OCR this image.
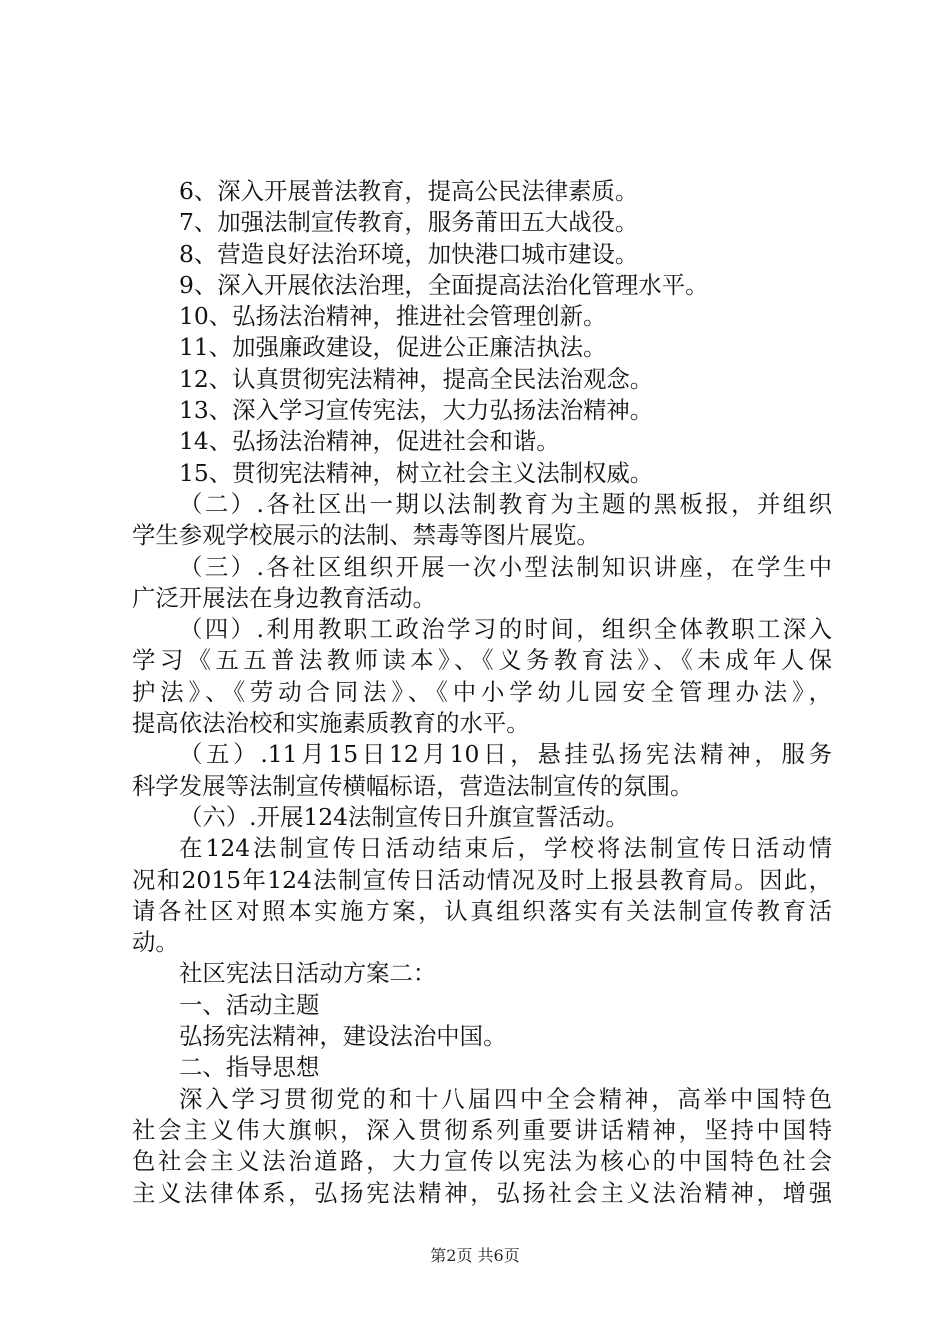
6、深入开展普法教育，提高公民法律素质。
7、加强法制宣传教育，服务莆田五大战役。
8、营造良好法治环境，加快港口城市建设。
9、深入开展依法治理，全面提高法治化管理水平。
10、弘扬法治精神，推进社会管理创新。
11、加强廉政建设，促进公正廉洁执法。
12、认真贯彻宪法精神，提高全民法治观念。
13、深入学习宣传宪法，大力弘扬法治精神。
14、弘扬法治精神，促进社会和谐。
15、贯彻宪法精神，树立社会主义法制权威。
（二）.各社区出一期以法制教育为主题的黑板报，并组织
学生参观学校展示的法制、禁毒等图片展览。
（三）.各社区组织开展一次小型法制知识讲座，在学生中
广泛开展法在身边教育活动。
（四）.利用教职工政治学习的时间，组织全体教职工深入
学习《五五普法教师读本》、《义务教育法》、《未成年人保
护法》、《劳动合同法》、《中小学幼儿园安全管理办法》，
提高依法治校和实施素质教育的水平。
（五）.11月15日12月10日，悬挂弘扬宪法精神，服务
科学发展等法制宣传横幅标语，营造法制宣传的氛围。
（六）.开展124法制宣传日升旗宣誓活动。
在124法制宣传日活动结束后，学校将法制宣传日活动情
况和2015年124法制宣传日活动情况及时上报县教育局。因此，
请各社区对照本实施方案，认真组织落实有关法制宣传教育活
动。
社区宪法日活动方案二：
一、活动主题
弘扬宪法精神，建设法治中国。
二、指导思想
深入学习贯彻党的和十八届四中全会精神，高举中国特色
社会主义伟大旗帜，深入贯彻系列重要讲话精神，坚持中国特
色社会主义法治道路，大力宣传以宪法为核心的中国特色社会
主义法律体系，弘扬宪法精神，弘扬社会主义法治精神，增强
第2页 共6页
